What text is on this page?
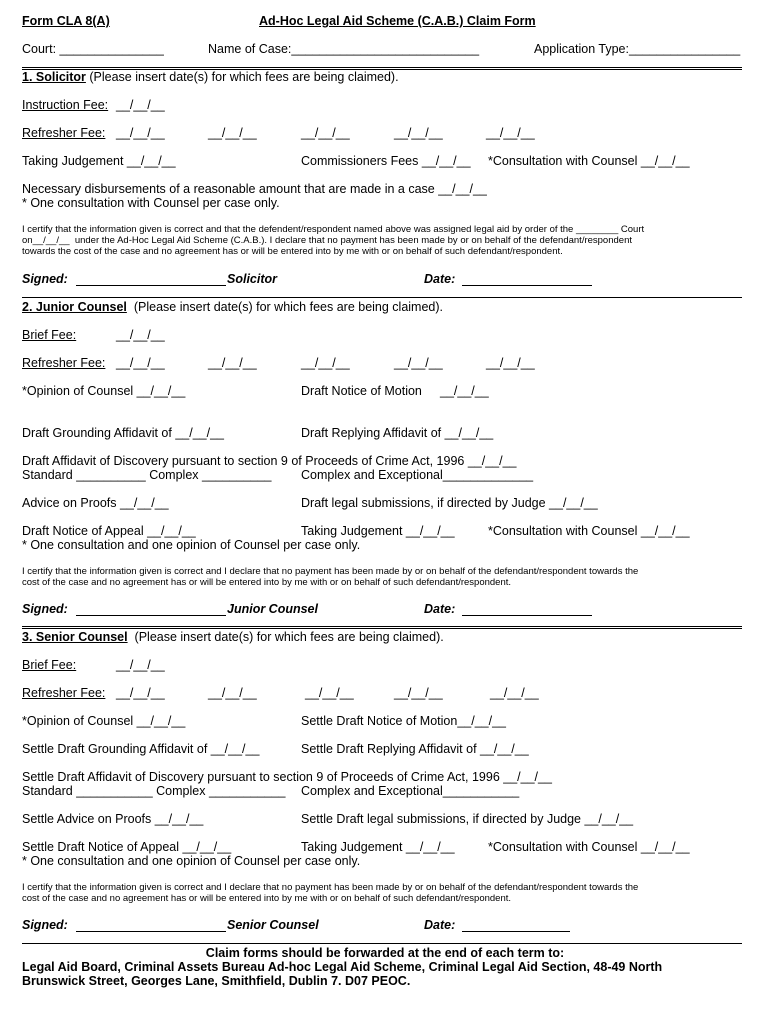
Form CLA 8(A)	Ad-Hoc Legal Aid Scheme (C.A.B.) Claim Form
Court: _______________	Name of Case:___________________________	Application Type:________________
1. Solicitor (Please insert date(s) for which fees are being claimed).
Instruction Fee: __/__/__
Refresher Fee: __/__/__	__/__/__	__/__/__	__/__/__	__/__/__
Taking Judgement __/__/__	Commissioners Fees __/__/__ *Consultation with Counsel __/__/__
Necessary disbursements of a reasonable amount that are made in a case __/__/__
* One consultation with Counsel per case only.
I certify that the information given is correct and that the defendent/respondent named above was assigned legal aid by order of the ________ Court
on__/__/__  under the Ad-Hoc Legal Aid Scheme (C.A.B.). I declare that no payment has been made by or on behalf of the defendant/respondent
towards the cost of the case and no agreement has or will be entered into by me with or on behalf of such defendant/respondent.
Signed:	Solicitor	Date:
2. Junior Counsel  (Please insert date(s) for which fees are being claimed).
Brief Fee:	__/__/__
Refresher Fee: __/__/__	__/__/__	__/__/__	__/__/__	__/__/__
*Opinion of Counsel __/__/__	Draft Notice of Motion __/__/__
Draft Grounding Affidavit of __/__/__	Draft Replying Affidavit of __/__/__
Draft Affidavit of Discovery pursuant to section 9 of Proceeds of Crime Act, 1996 __/__/__
Standard __________ Complex __________ Complex and Exceptional_____________
Advice on Proofs __/__/__	Draft legal submissions, if directed by Judge __/__/__
Draft Notice of Appeal __/__/__	Taking Judgement __/__/__	*Consultation with Counsel __/__/__
* One consultation and one opinion of Counsel per case only.
I certify that the information given is correct and I declare that no payment has been made by or on behalf of the defendant/respondent towards the
cost of the case and no agreement has or will be entered into by me with or on behalf of such defendant/respondent.
Signed:	Junior Counsel	Date:
3. Senior Counsel  (Please insert date(s) for which fees are being claimed).
Brief Fee:	__/__/__
Refresher Fee: __/__/__	__/__/__	__/__/__	__/__/__	__/__/__
*Opinion of Counsel __/__/__	Settle Draft Notice of Motion__/__/__
Settle Draft Grounding Affidavit of __/__/__	Settle Draft Replying Affidavit of __/__/__
Settle Draft Affidavit of Discovery pursuant to section 9 of Proceeds of Crime Act, 1996 __/__/__
Standard ___________ Complex ___________ Complex and Exceptional___________
Settle Advice on Proofs __/__/__	Settle Draft legal submissions, if directed by Judge __/__/__
Settle Draft Notice of Appeal __/__/__	Taking Judgement __/__/__	*Consultation with Counsel __/__/__
* One consultation and one opinion of Counsel per case only.
I certify that the information given is correct and I declare that no payment has been made by or on behalf of the defendant/respondent towards the
cost of the case and no agreement has or will be entered into by me with or on behalf of such defendant/respondent.
Signed:	Senior Counsel	Date:
Claim forms should be forwarded at the end of each term to:
Legal Aid Board, Criminal Assets Bureau Ad-hoc Legal Aid Scheme, Criminal Legal Aid Section, 48-49 North
Brunswick Street, Georges Lane, Smithfield, Dublin 7. D07 PEOC.
